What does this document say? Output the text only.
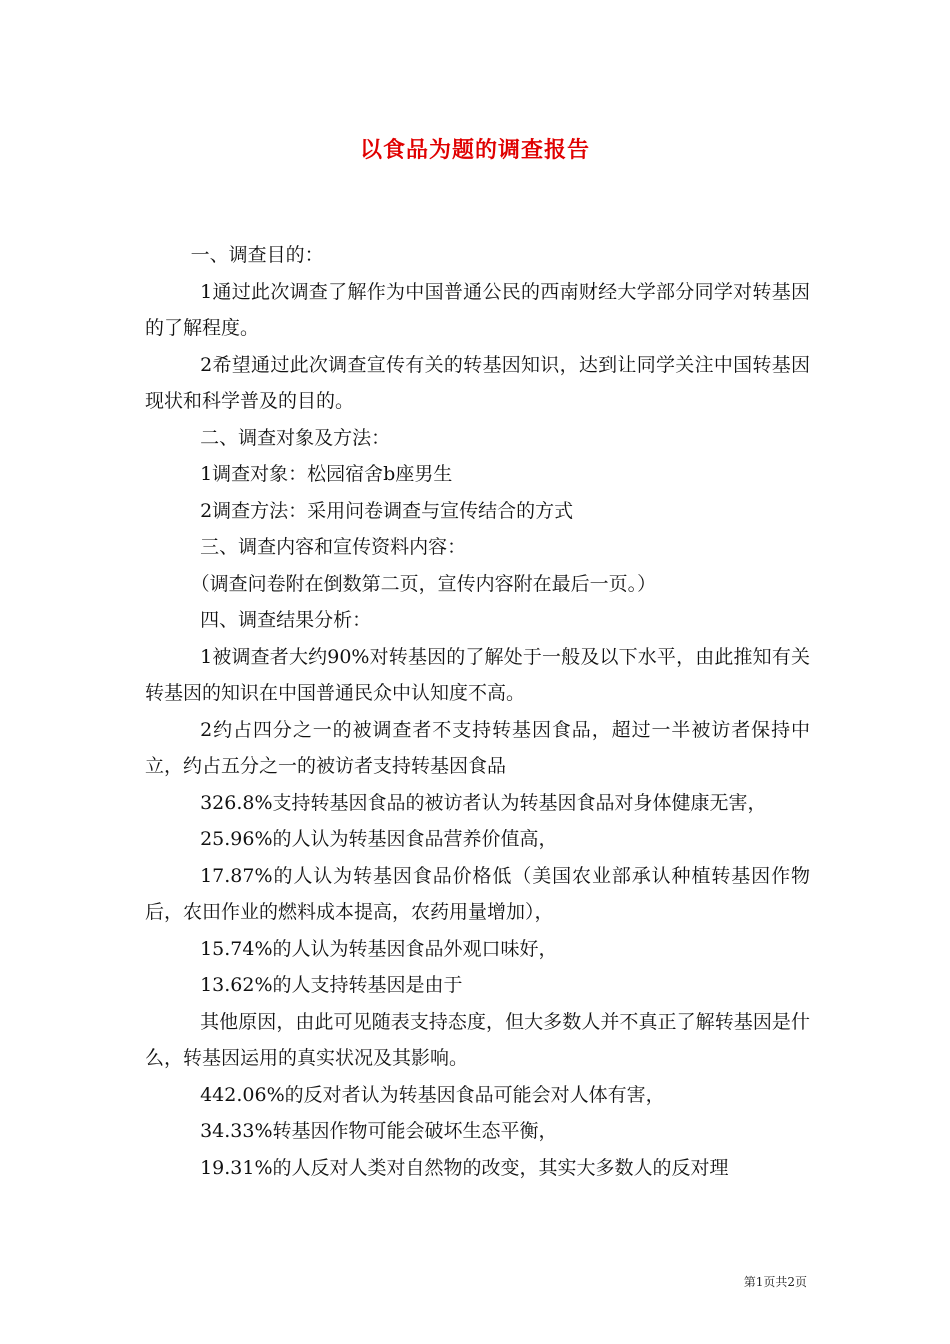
以食品为题的调查报告

一、调查目的：

1通过此次调查了解作为中国普通公民的西南财经大学部分同学对转基因的了解程度。

2希望通过此次调查宣传有关的转基因知识，达到让同学关注中国转基因现状和科学普及的目的。

二、调查对象及方法：

1调查对象：松园宿舍b座男生

2调查方法：采用问卷调查与宣传结合的方式

三、调查内容和宣传资料内容：

（调查问卷附在倒数第二页，宣传内容附在最后一页。）

四、调查结果分析：

1被调查者大约90%对转基因的了解处于一般及以下水平，由此推知有关转基因的知识在中国普通民众中认知度不高。

2约占四分之一的被调查者不支持转基因食品，超过一半被访者保持中立，约占五分之一的被访者支持转基因食品

326.8%支持转基因食品的被访者认为转基因食品对身体健康无害，

25.96%的人认为转基因食品营养价值高，

17.87%的人认为转基因食品价格低（美国农业部承认种植转基因作物后，农田作业的燃料成本提高，农药用量增加），

15.74%的人认为转基因食品外观口味好，

13.62%的人支持转基因是由于

其他原因，由此可见随表支持态度，但大多数人并不真正了解转基因是什么，转基因运用的真实状况及其影响。

442.06%的反对者认为转基因食品可能会对人体有害，

34.33%转基因作物可能会破坏生态平衡，

19.31%的人反对人类对自然物的改变，其实大多数人的反对理

第1页共2页
